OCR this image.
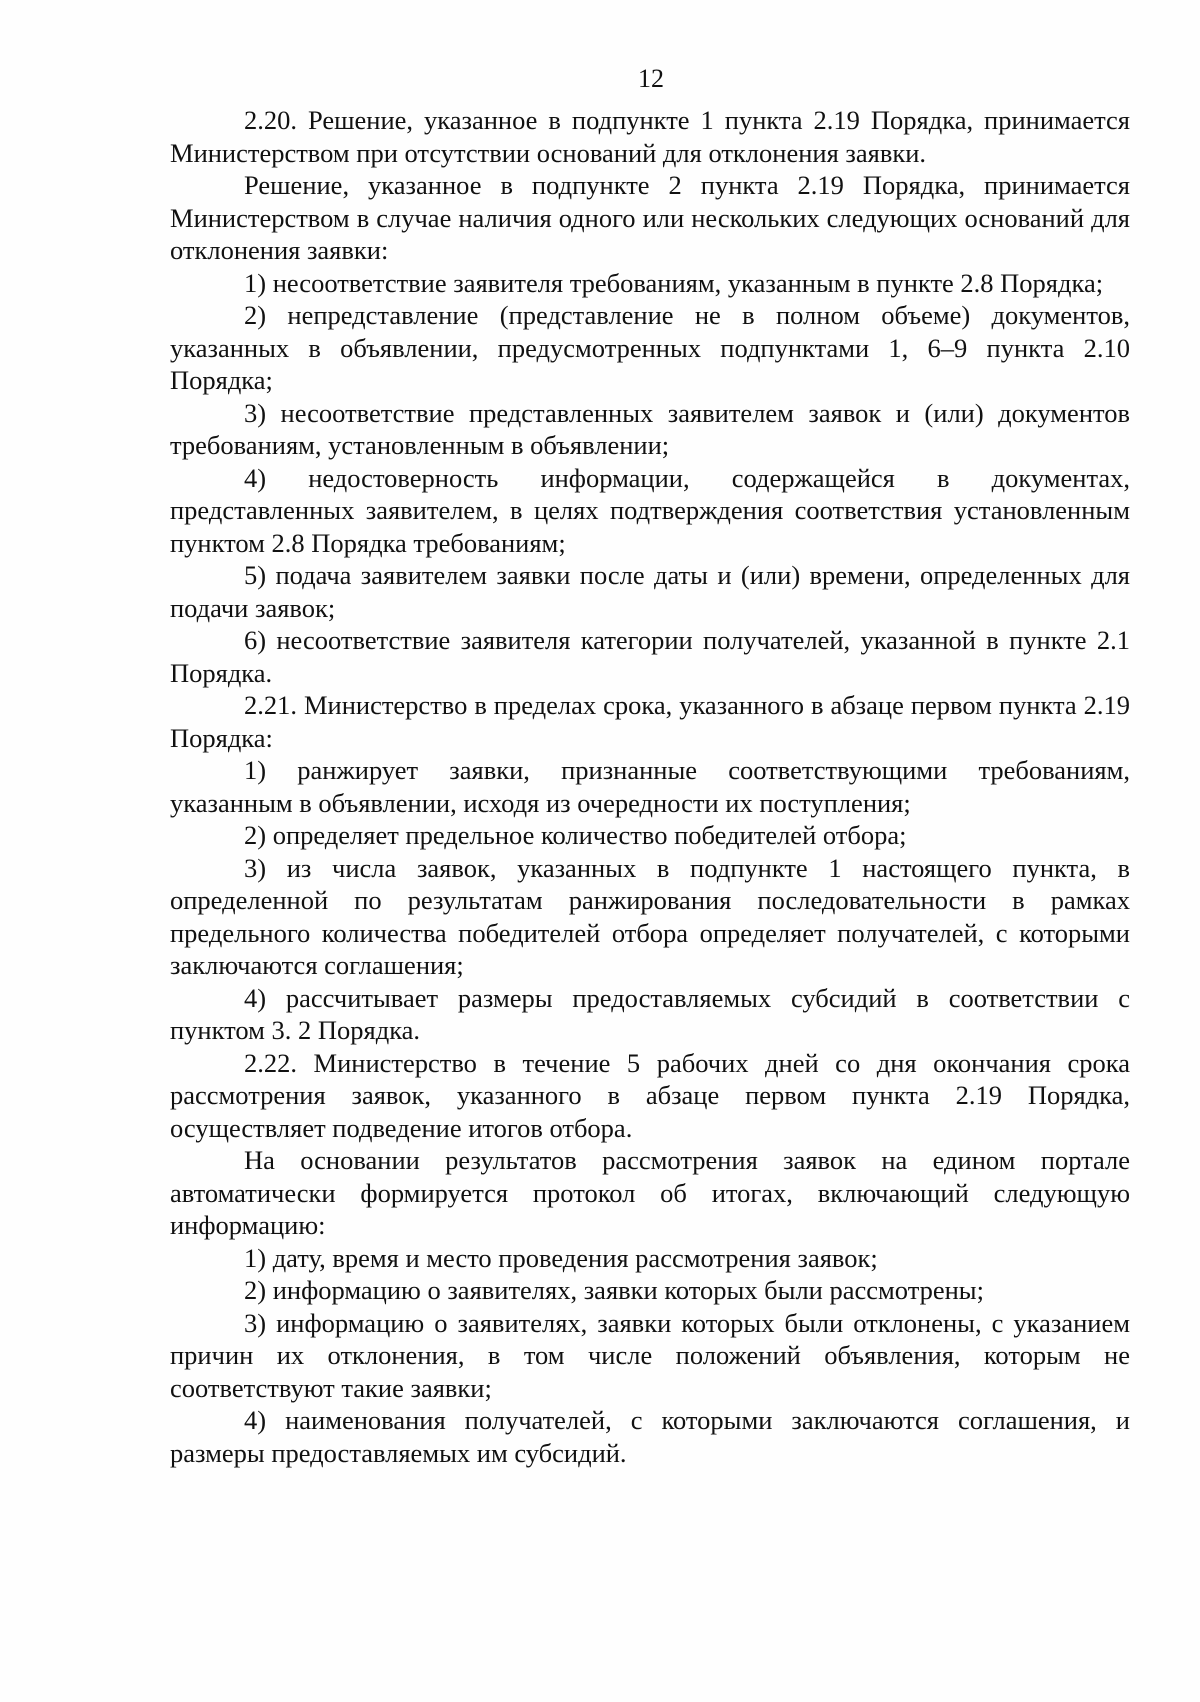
12

2.20. Решение, указанное в подпункте 1 пункта 2.19 Порядка, принимается Министерством при отсутствии оснований для отклонения заявки.

Решение, указанное в подпункте 2 пункта 2.19 Порядка, принимается Министерством в случае наличия одного или нескольких следующих оснований для отклонения заявки:

1) несоответствие заявителя требованиям, указанным в пункте 2.8 Порядка;

2) непредставление (представление не в полном объеме) документов, указанных в объявлении, предусмотренных подпунктами 1, 6–9 пункта 2.10 Порядка;

3) несоответствие представленных заявителем заявок и (или) документов требованиям, установленным в объявлении;

4) недостоверность информации, содержащейся в документах, представленных заявителем, в целях подтверждения соответствия установленным пунктом 2.8 Порядка требованиям;

5) подача заявителем заявки после даты и (или) времени, определенных для подачи заявок;

6) несоответствие заявителя категории получателей, указанной в пункте 2.1 Порядка.

2.21. Министерство в пределах срока, указанного в абзаце первом пункта 2.19 Порядка:

1) ранжирует заявки, признанные соответствующими требованиям, указанным в объявлении, исходя из очередности их поступления;

2) определяет предельное количество победителей отбора;

3) из числа заявок, указанных в подпункте 1 настоящего пункта, в определенной по результатам ранжирования последовательности в рамках предельного количества победителей отбора определяет получателей, с которыми заключаются соглашения;

4) рассчитывает размеры предоставляемых субсидий в соответствии с пунктом 3. 2 Порядка.

2.22. Министерство в течение 5 рабочих дней со дня окончания срока рассмотрения заявок, указанного в абзаце первом пункта 2.19 Порядка, осуществляет подведение итогов отбора.

На основании результатов рассмотрения заявок на едином портале автоматически формируется протокол об итогах, включающий следующую информацию:

1) дату, время и место проведения рассмотрения заявок;

2) информацию о заявителях, заявки которых были рассмотрены;

3) информацию о заявителях, заявки которых были отклонены, с указанием причин их отклонения, в том числе положений объявления, которым не соответствуют такие заявки;

4) наименования получателей, с которыми заключаются соглашения, и размеры предоставляемых им субсидий.
